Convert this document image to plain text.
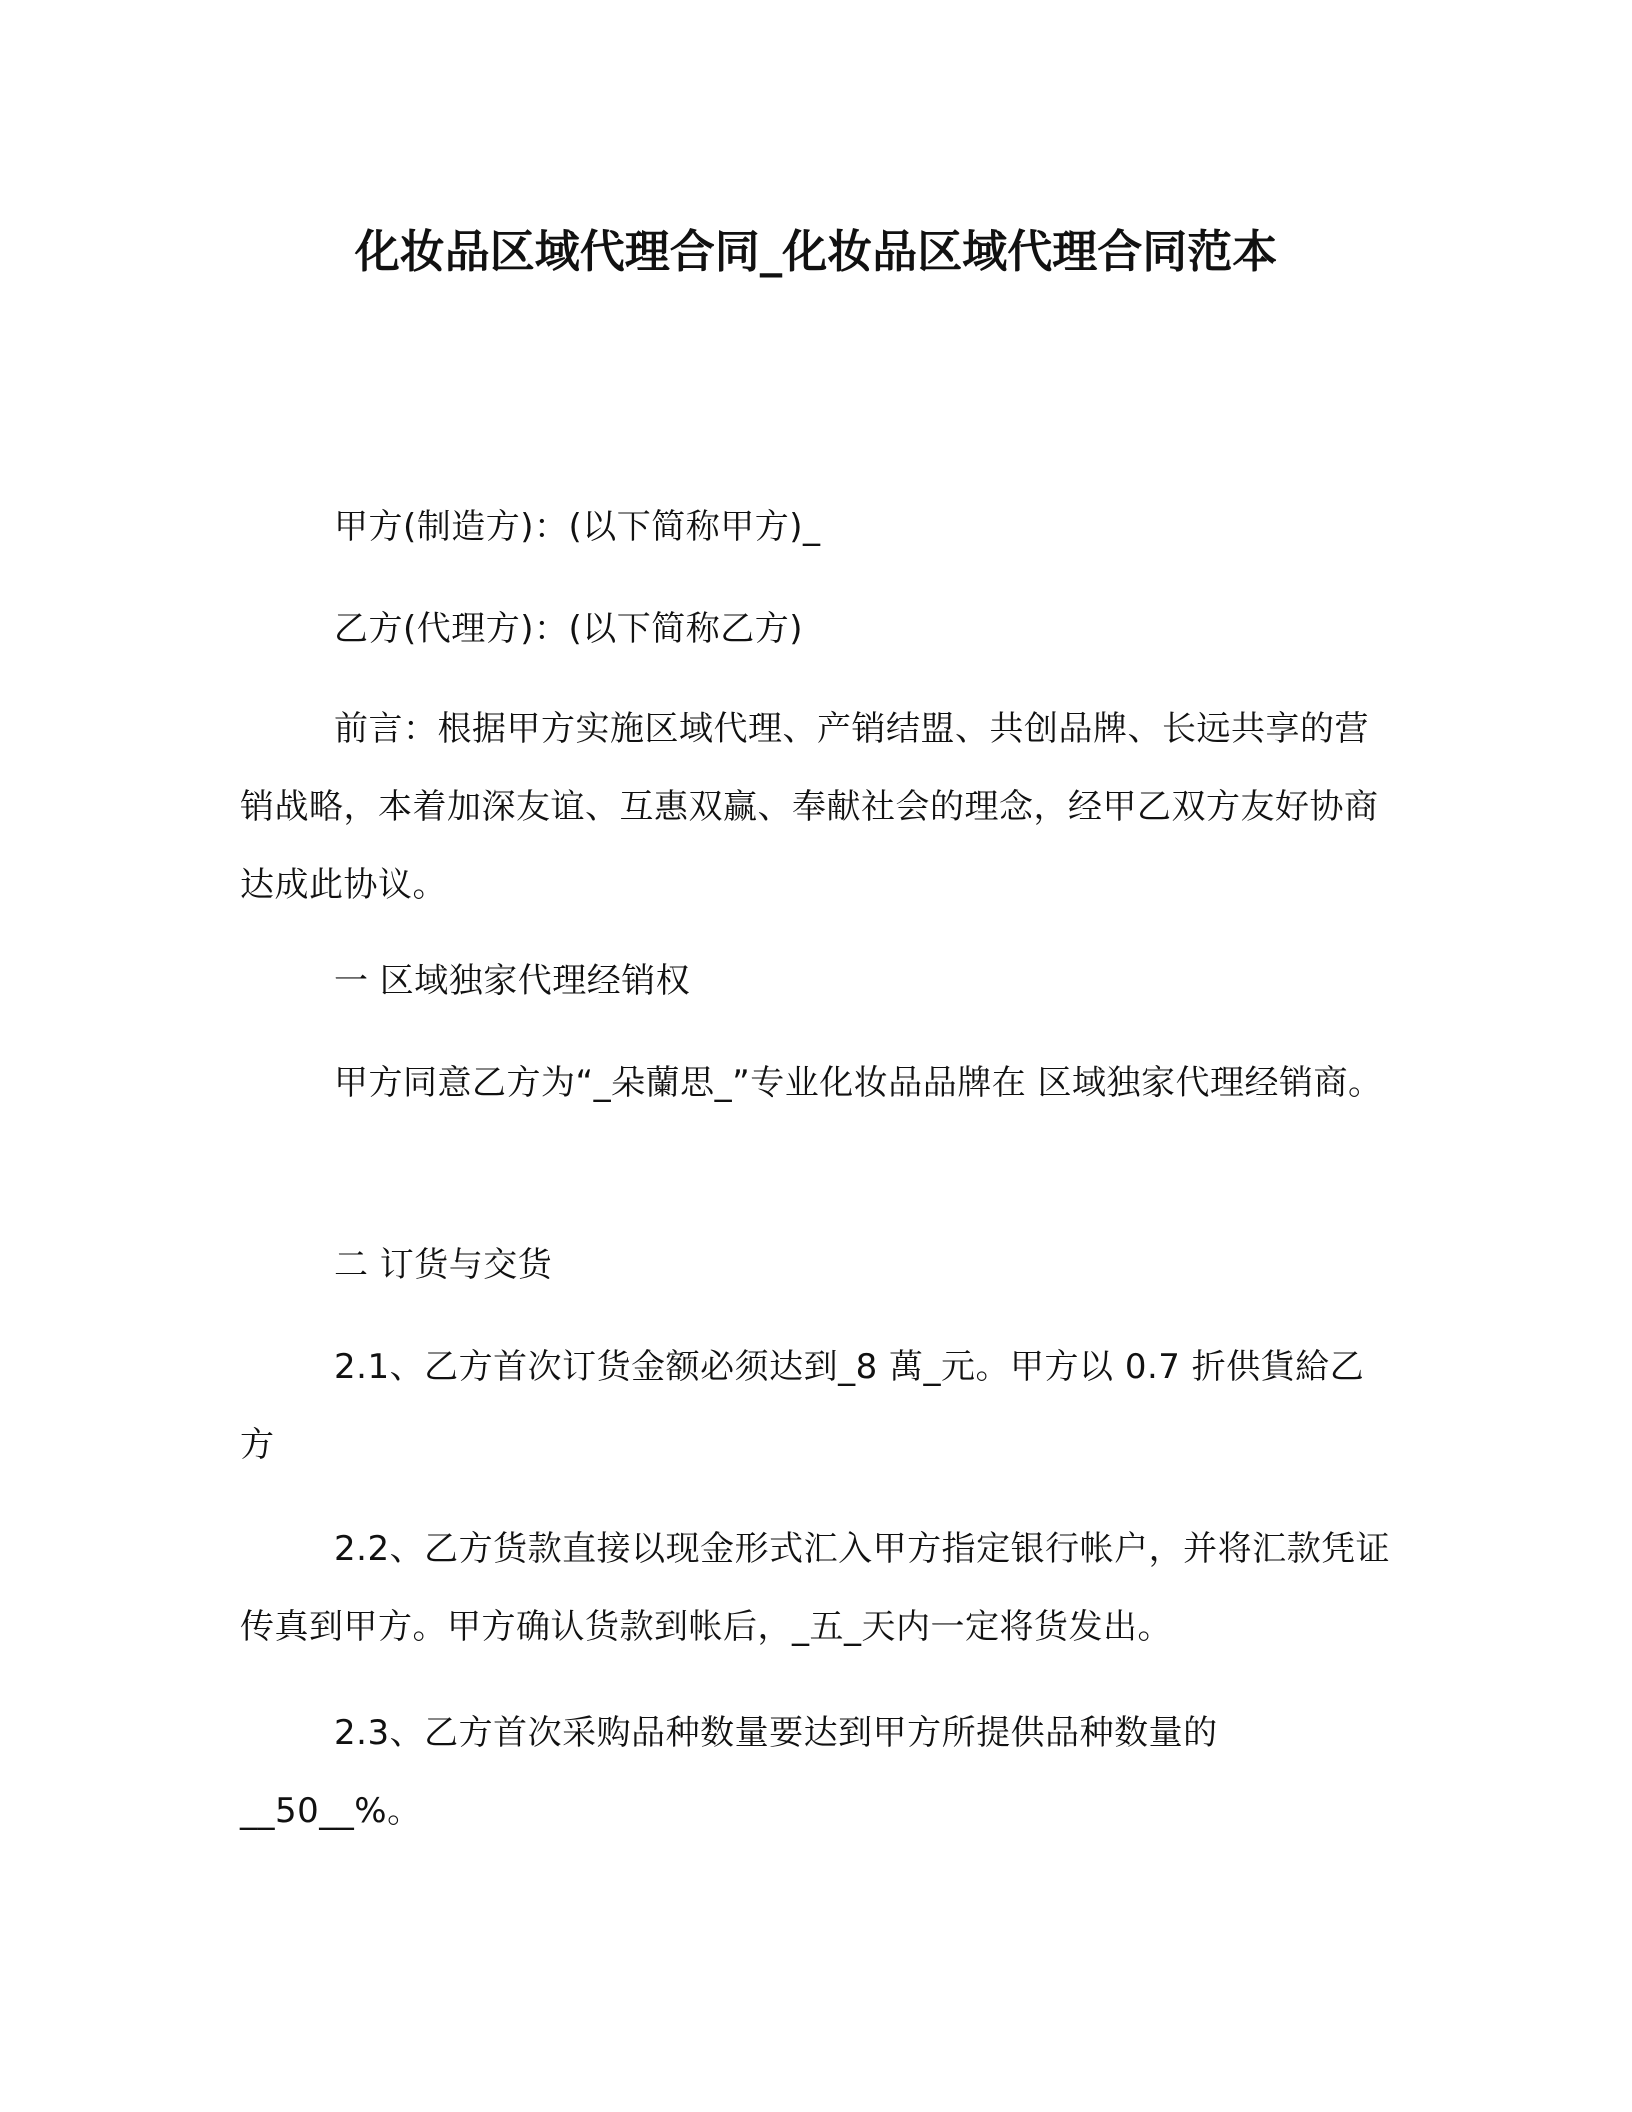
化妆品区域代理合同_化妆品区域代理合同范本

甲方(制造方)：(以下简称甲方)_

乙方(代理方)：(以下简称乙方)

前言：根据甲方实施区域代理、产销结盟、共创品牌、长远共享的营销战略，本着加深友谊、互惠双赢、奉献社会的理念，经甲乙双方友好协商达成此协议。

一 区域独家代理经销权

甲方同意乙方为“_朵蘭思_”专业化妆品品牌在 区域独家代理经销商。

二 订货与交货

2.1、乙方首次订货金额必须达到_8 萬_元。甲方以 0.7 折供貨給乙方

2.2、乙方货款直接以现金形式汇入甲方指定银行帐户，并将汇款凭证传真到甲方。甲方确认货款到帐后，_五_天内一定将货发出。

2.3、乙方首次采购品种数量要达到甲方所提供品种数量的__50__%。
